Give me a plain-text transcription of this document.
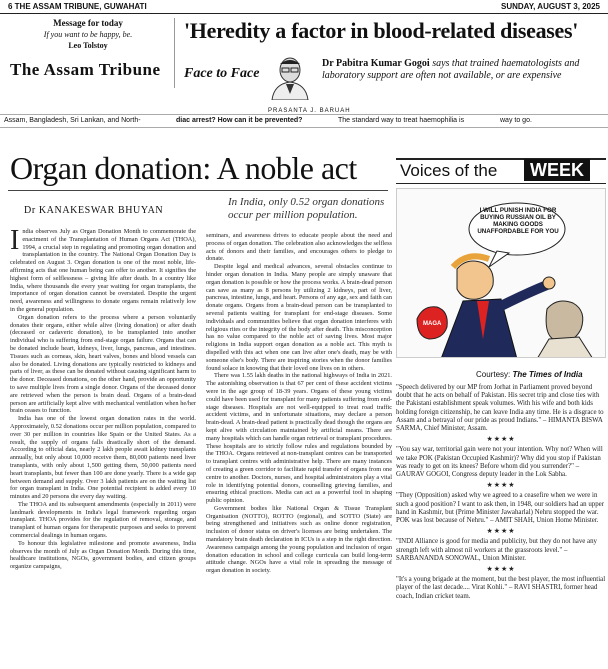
6 THE ASSAM TRIBUNE, GUWAHATI	SUNDAY, AUGUST 3, 2025
Message for today
If you want to be happy, be.
Leo Tolstoy
The Assam Tribune
'Heredity a factor in blood-related diseases'
Face to Face
PRASANTA J. BARUAH
Dr Pabitra Kumar Gogoi says that trained haematologists and laboratory support are often not available, or are expensive
Assam, Bangladesh, Sri Lankan, and North-	diac arrest? How can it be prevented?	The standard way to treat haemophilia is	way to go.
Organ donation: A noble act
Dr KANAKESWAR BHUYAN
In India, only 0.52 organ donations occur per million population.
I ndia observes July as Organ Donation Month to commemorate the enactment of the Transplantation of Human Organs Act (THOA), 1994, a crucial step in regulating and promoting organ donation and transplantation in the country. The National Organ Donation Day is celebrated on August 3. Organ donation is one of the most noble, life-affirming acts that one human being can offer to another. It signifies the highest form of selflessness – giving life after death. In a country like India, where thousands die every year waiting for organ transplants, the importance of organ donation cannot be overstated. Despite the urgent need, awareness and willingness to donate organs remain relatively low in the general population.

Organ donation refers to the process where a person voluntarily donates their organs, either while alive (living donation) or after death (deceased or cadaveric donation), to be transplanted into another individual who is suffering from end-stage organ failure. Organs that can be donated include heart, kidneys, liver, lungs, pancreas, and intestines. Tissues such as corneas, skin, heart valves, bones and blood vessels can also be donated. Living donations are typically restricted to kidneys and parts of liver, as these can be donated without causing significant harm to the donor. Deceased donations, on the other hand, provide an opportunity to save multiple lives from a single donor. Organs of the deceased donor are retrieved when the person is brain dead. Organs of a brain-dead person are artificially kept alive with mechanical ventilation when he/her brain ceases to function.

India has one of the lowest organ donation rates in the world. Approximately, 0.52 donations occur per million population, compared to over 30 per million in countries like Spain or the United States. As a result, the supply of organs falls drastically short of the demand. According to official data, nearly 2 lakh people await kidney transplants annually, but only about 10,000 receive them, 80,000 patients need liver transplants, with only about 1,500 getting them, 50,000 patients need heart transplants, but fewer than 100 are done yearly. There is a wide gap between demand and supply. Over 3 lakh patients are on the waiting list for organ transplant in India. One potential recipient is added every 10 minutes and 20 persons die every day waiting.

The THOA and its subsequent amendments (especially in 2011) were landmark developments in India's legal framework regarding organ transplant. THOA provides for the regulation of removal, storage, and transplant of human organs for therapeutic purposes and seeks to prevent commercial dealings in human organs.

To honour this legislative milestone and promote awareness, India observes the month of July as Organ Donation Month. During this time, healthcare institutions, NGOs, government bodies, and citizen groups organize campaigns,

seminars, and awareness drives to educate people about the need and process of organ donation. The celebration also acknowledges the selfless acts of donors and their families, and encourages others to pledge to donate.

Despite legal and medical advances, several obstacles continue to hinder organ donation in India. Many people are simply unaware that organ donation is possible or how the process works. A brain-dead person can save as many as 8 persons by utilizing 2 kidneys, part of liver, pancreas, intestine, lungs, and heart. Persons of any age, sex and faith can donate organs. Organs from a brain-dead person can be transplanted to several patients waiting for transplant for end-stage diseases. Some individuals and communities believe that organ donation interferes with religious rites or the integrity of the body after death. This misconception has no value compared to the noble act of saving lives. Most major religions in India support organ donation as a noble act. This myth is dispelled with this act when one can live after one's death, may be with someone else's body. There are inspiring stories when the donor families found solace in knowing that their loved one lives on in others.

There was 1.55 lakh deaths in the national highways of India in 2021. The astonishing observation is that 67 per cent of these accident victims were in the age group of 18-39 years. Organs of these young victims could have been used for transplant for many patients suffering from end-stage diseases. Hospitals are not well-equipped to treat road traffic accident victims, and in unfortunate situations, may declare a person brain-dead. A brain-dead patient is practically dead though the organs are kept alive with circulation maintained by artificial means. There are many hospitals which can handle organ retrieval or transplant procedures. These hospitals are to strictly follow rules and regulations bounded by the THOA. Organs retrieved at non-transplant centres can be transported to transplant centres with administrative help. There are many instances of creating a green corridor to facilitate rapid transfer of organs from one centre to another. Doctors, nurses, and hospital administrators play a vital role in identifying potential donors, counselling grieving families, and ensuring ethical practices. Media can act as a powerful tool in shaping public opinion.

Government bodies like National Organ & Tissue Transplant Organisation (NOTTO), ROTTO (regional), and SOTTO (State) are being strengthened and initiatives such as online donor registration, inclusion of donor status on driver's licenses are being undertaken. The mandatory brain death declaration in ICUs is a step in the right direction. Awareness campaign among the young population and inclusion of organ donation education in school and college curricula can build long-term attitude change. NGOs have a vital role in spreading the message of organ donation in society.

Voices of the	WEEK
I WILL PUNISH INDIA FOR BUYING RUSSIAN OIL BY MAKING GOODS UNAFFORDABLE FOR YOU
MAGA
Courtesy: The Times of India
"Speech delivered by our MP from Jorhat in Parliament proved beyond doubt that he acts on behalf of Pakistan. His secret trip and close ties with the Pakistani establishment speak volumes. With his wife and both kids holding foreign citizenship, he can leave India any time. He is a disgrace to Assam and a betrayal of our pride as proud Indians." – HIMANTA BISWA SARMA, Chief Minister, Assam.
★★★★
"You say war, territorial gain were not your intention. Why not? When will we take POK (Pakistan Occupied Kashmir)? Why did you stop if Pakistan was ready to get on its knees? Before whom did you surrender?" – GAURAV GOGOI, Congress deputy leader in the Lok Sabha.
★★★★
"They (Opposition) asked why we agreed to a ceasefire when we were in such a good position? I want to ask then, in 1948, our soldiers had an upper hand in Kashmir, but (Prime Minister Jawaharlal) Nehru stopped the war. POK was lost because of Nehru." – AMIT SHAH, Union Home Minister.
★★★★
"INDI Alliance is good for media and publicity, but they do not have any strength left with almost nil workers at the grassroots level." – SARBANANDA SONOWAL, Union Minister.
★★★★
"It's a young brigade at the moment, but the best player, the most influential player of the last decade.... Virat Kohli." – RAVI SHASTRI, former head coach, Indian cricket team.
